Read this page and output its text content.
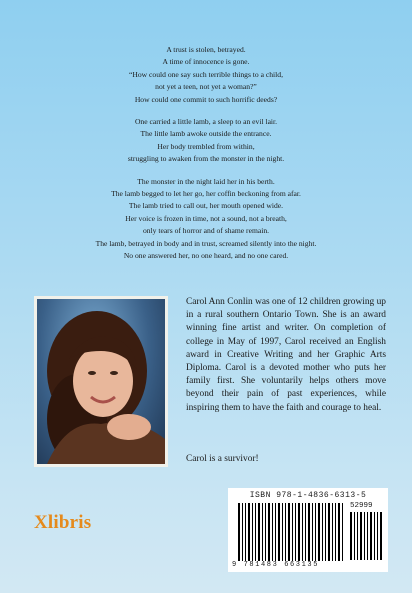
A trust is stolen, betrayed.
A time of innocence is gone.
“How could one say such terrible things to a child,
not yet a teen, not yet a woman?”
How could one commit to such horrific deeds?
One carried a little lamb, a sleep to an evil lair.
The little lamb awoke outside the entrance.
Her body trembled from within,
struggling to awaken from the monster in the night.
The monster in the night laid her in his berth.
The lamb begged to let her go, her coffin beckoning from afar.
The lamb tried to call out, her mouth opened wide.
Her voice is frozen in time, not a sound, not a breath,
only tears of horror and of shame remain.
The lamb, betrayed in body and in trust, screamed silently into the night.
No one answered her, no one heard, and no one cared.
Carol Ann Conlin was one of 12 children growing up in a rural southern Ontario Town. She is an award winning fine artist and writer. On completion of college in May of 1997, Carol received an English award in Creative Writing and her Graphic Arts Diploma. Carol is a devoted mother who puts her family first. She voluntarily helps others move beyond their pain of past experiences, while inspiring them to have the faith and courage to heal.
Carol is a survivor!
Xlibris
ISBN 978-1-4836-6313-5
52999
9 781483 663135
